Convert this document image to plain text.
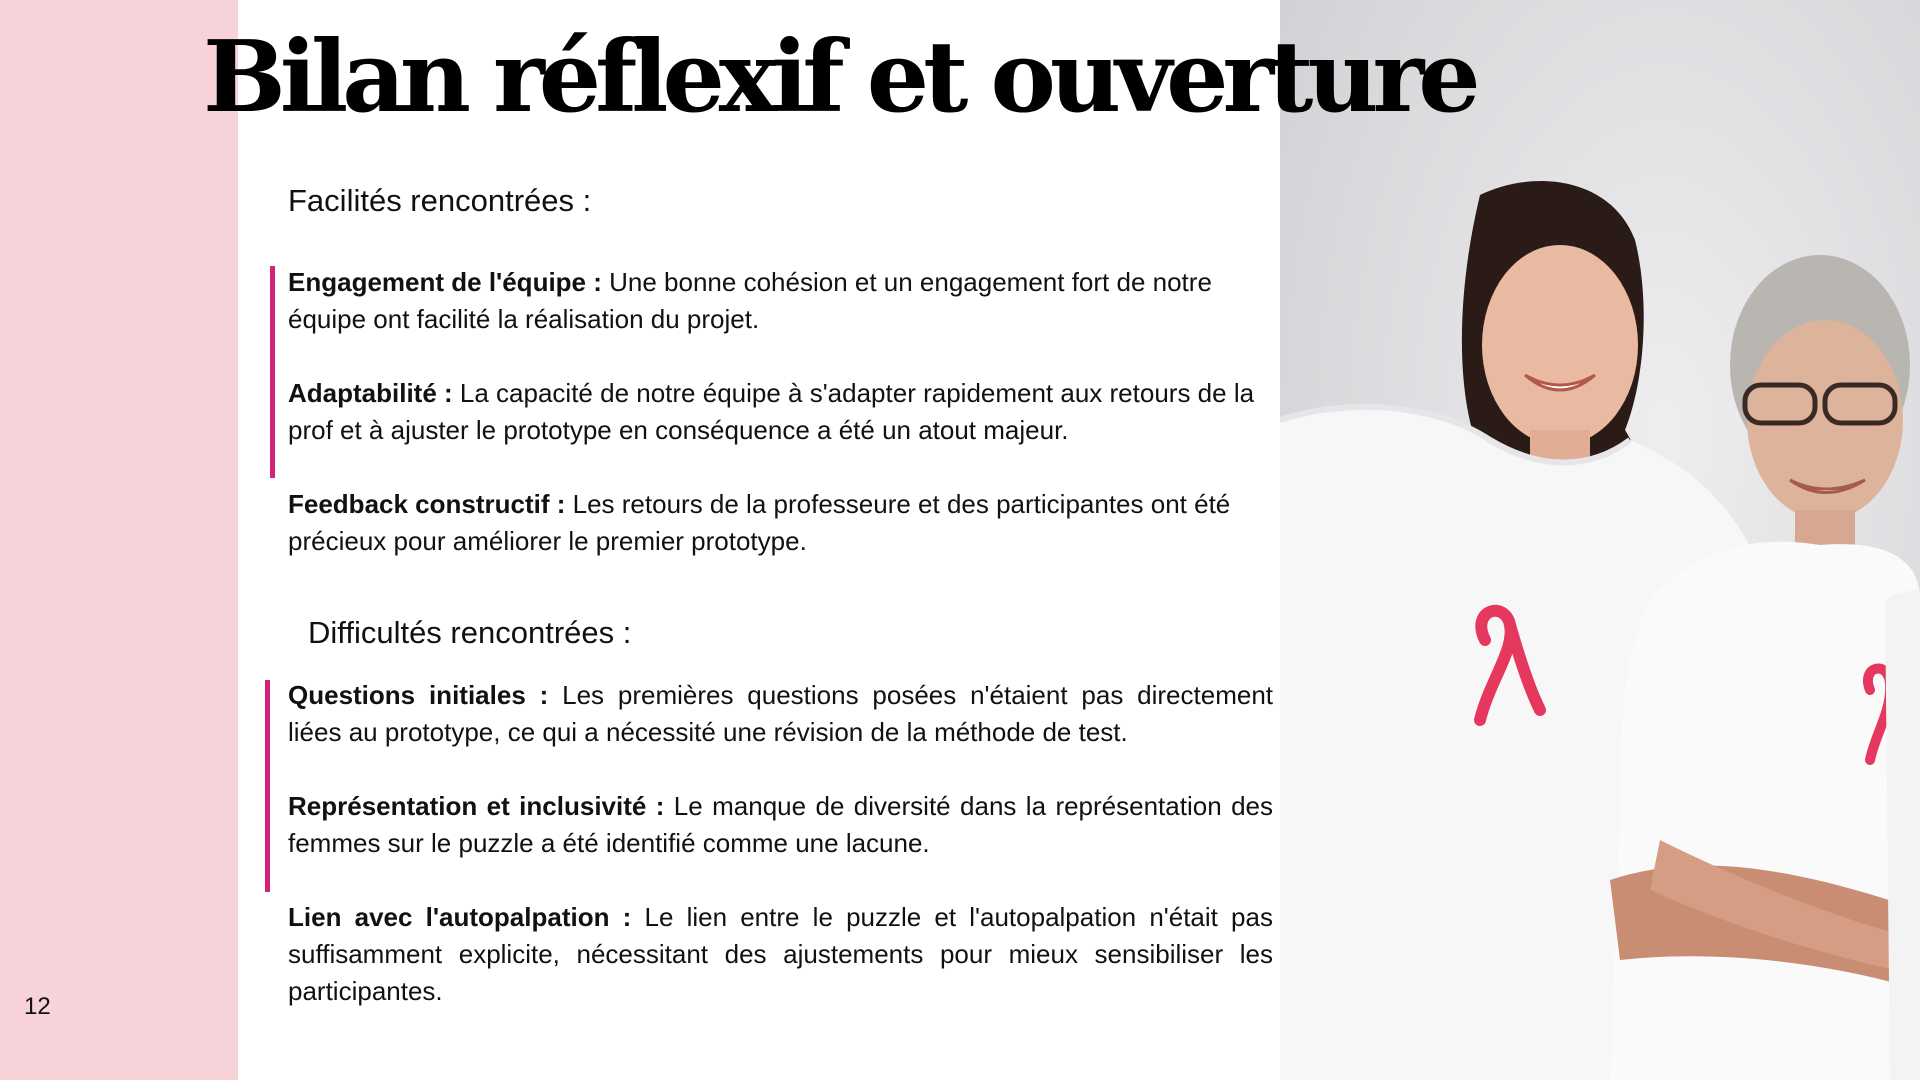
12
Bilan réflexif et ouverture
Facilités rencontrées :

Engagement de l'équipe : Une bonne cohésion et un engagement fort de notre équipe ont facilité la réalisation du projet.

Adaptabilité : La capacité de notre équipe à s'adapter rapidement aux retours de la prof et à ajuster le prototype en conséquence a été un atout majeur.

Feedback constructif : Les retours de la professeure et des participantes ont été précieux pour améliorer le premier prototype.

Difficultés rencontrées :

Questions initiales : Les premières questions posées n'étaient pas directement liées au prototype, ce qui a nécessité une révision de la méthode de test.

Représentation et inclusivité : Le manque de diversité dans la représentation des femmes sur le puzzle a été identifié comme une lacune.

Lien avec l'autopalpation : Le lien entre le puzzle et l'autopalpation n'était pas suffisamment explicite, nécessitant des ajustements pour mieux sensibiliser les participantes.
